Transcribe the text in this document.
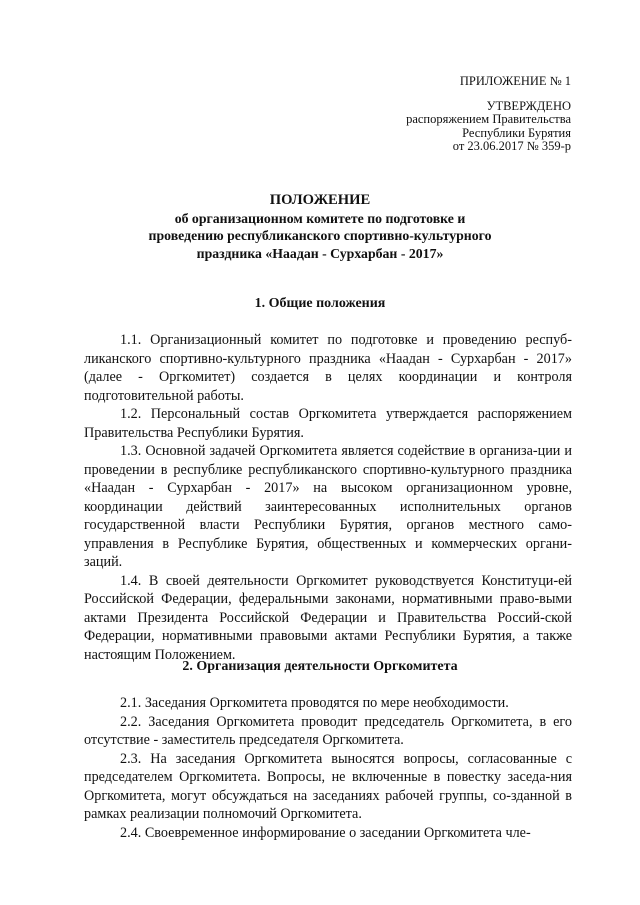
ПРИЛОЖЕНИЕ № 1
УТВЕРЖДЕНО
распоряжением Правительства
Республики Бурятия
от 23.06.2017 № 359-р
ПОЛОЖЕНИЕ
об организационном комитете по подготовке и
проведению республиканского спортивно-культурного
праздника «Наадан - Сурхарбан - 2017»
1. Общие положения

1.1. Организационный комитет по подготовке и проведению респуб-ликанского спортивно-культурного праздника «Наадан - Сурхарбан - 2017» (далее - Оргкомитет) создается в целях координации и контроля подготовительной работы.

1.2. Персональный состав Оргкомитета утверждается распоряжением Правительства Республики Бурятия.

1.3. Основной задачей Оргкомитета является содействие в организа-ции и проведении в республике республиканского спортивно-культурного праздника «Наадан - Сурхарбан - 2017» на высоком организационном уровне, координации действий заинтересованных исполнительных органов государственной власти Республики Бурятия, органов местного само-управления в Республике Бурятия, общественных и коммерческих органи-заций.

1.4. В своей деятельности Оргкомитет руководствуется Конституци-ей Российской Федерации, федеральными законами, нормативными право-выми актами Президента Российской Федерации и Правительства Россий-ской Федерации, нормативными правовыми актами Республики Бурятия, а также настоящим Положением.

2. Организация деятельности Оргкомитета

2.1. Заседания Оргкомитета проводятся по мере необходимости.

2.2. Заседания Оргкомитета проводит председатель Оргкомитета, в его отсутствие - заместитель председателя Оргкомитета.

2.3. На заседания Оргкомитета выносятся вопросы, согласованные с председателем Оргкомитета. Вопросы, не включенные в повестку заседа-ния Оргкомитета, могут обсуждаться на заседаниях рабочей группы, со-зданной в рамках реализации полномочий Оргкомитета.

2.4. Своевременное информирование о заседании Оргкомитета чле-
